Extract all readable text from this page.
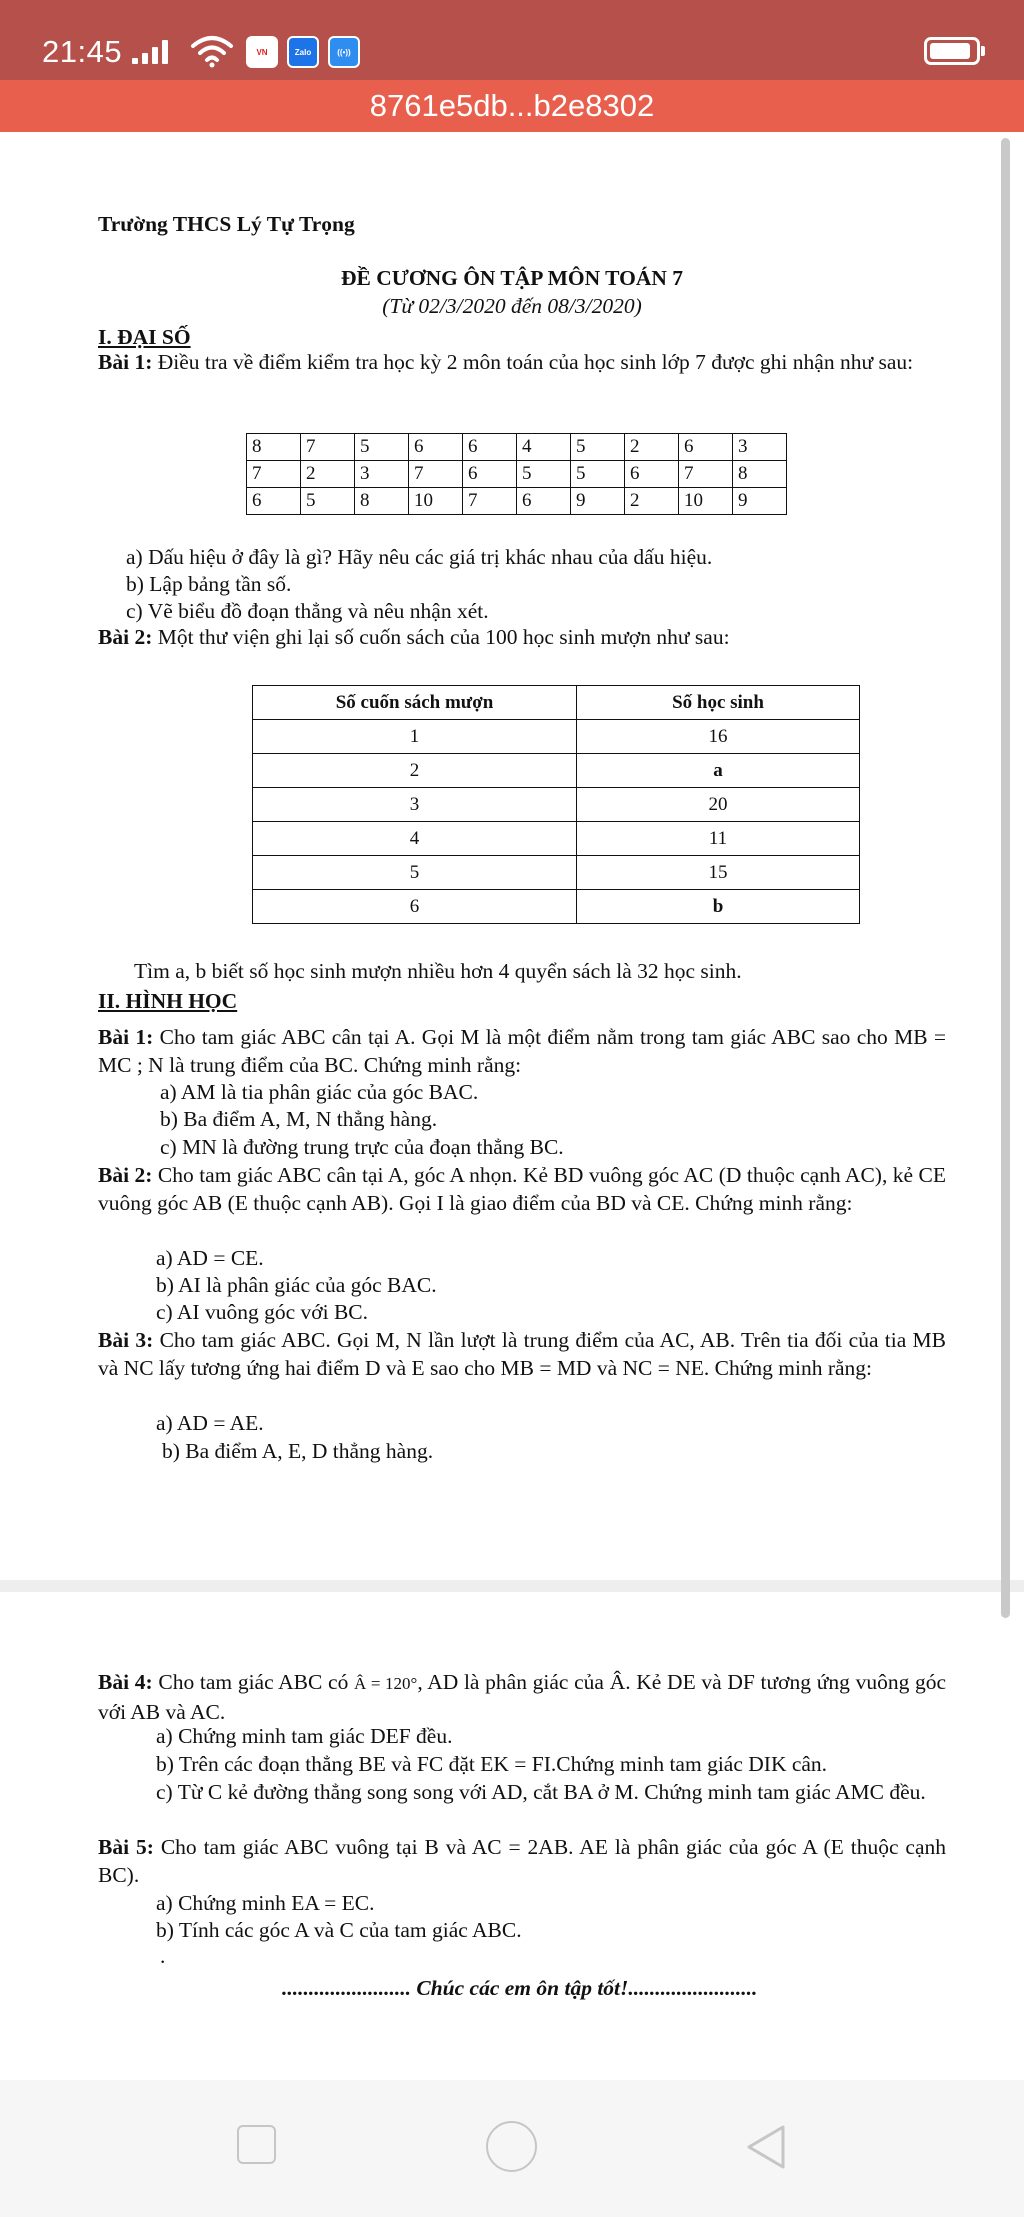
21:45	VN	Zalo	((•))
8761e5db...b2e8302
Trường THCS Lý Tự Trọng
ĐỀ CƯƠNG ÔN TẬP MÔN TOÁN 7
(Từ 02/3/2020 đến 08/3/2020)
I. ĐẠI SỐ
Bài 1: Điều tra về điểm kiểm tra học kỳ 2 môn toán của học sinh lớp 7 được ghi nhận như sau:
8	7	5	6	6	4	5	2	6	3
7	2	3	7	6	5	5	6	7	8
6	5	8	10	7	6	9	2	10	9
a) Dấu hiệu ở đây là gì? Hãy nêu các giá trị khác nhau của dấu hiệu.
b) Lập bảng tần số.
c) Vẽ biểu đồ đoạn thẳng và nêu nhận xét.
Bài 2: Một thư viện ghi lại số cuốn sách của 100 học sinh mượn như sau:
Số cuốn sách mượn	Số học sinh
1	16
2	a
3	20
4	11
5	15
6	b
Tìm a, b biết số học sinh mượn nhiều hơn 4 quyển sách là 32 học sinh.
II. HÌNH HỌC
Bài 1: Cho tam giác ABC cân tại A. Gọi M là một điểm nằm trong tam giác ABC sao cho MB = MC ; N là trung điểm của BC. Chứng minh rằng:
a) AM là tia phân giác của góc BAC.
b) Ba điểm A, M, N thẳng hàng.
c) MN là đường trung trực của đoạn thẳng BC.
Bài 2: Cho tam giác ABC cân tại A, góc A nhọn. Kẻ BD vuông góc AC (D thuộc cạnh AC), kẻ CE vuông góc AB (E thuộc cạnh AB). Gọi I là giao điểm của BD và CE. Chứng minh rằng:
a) AD = CE.
b) AI là phân giác của góc BAC.
c) AI vuông góc với BC.
Bài 3: Cho tam giác ABC. Gọi M, N lần lượt là trung điểm của AC, AB. Trên tia đối của tia MB và NC lấy tương ứng hai điểm D và E sao cho MB = MD và NC = NE. Chứng minh rằng:
a) AD = AE.
b) Ba điểm A, E, D thẳng hàng.
Bài 4: Cho tam giác ABC có Â = 120°, AD là phân giác của Â. Kẻ DE và DF tương ứng vuông góc với AB và AC.
a) Chứng minh tam giác DEF đều.
b) Trên các đoạn thẳng BE và FC đặt EK = FI.Chứng minh tam giác DIK cân.
c) Từ C kẻ đường thẳng song song với AD, cắt BA ở M. Chứng minh tam giác AMC đều.
Bài 5: Cho tam giác ABC vuông tại B và AC = 2AB. AE là phân giác của góc A (E thuộc cạnh BC).
a) Chứng minh EA = EC.
b) Tính các góc A và C của tam giác ABC.
.
........................ Chúc các em ôn tập tốt!........................
